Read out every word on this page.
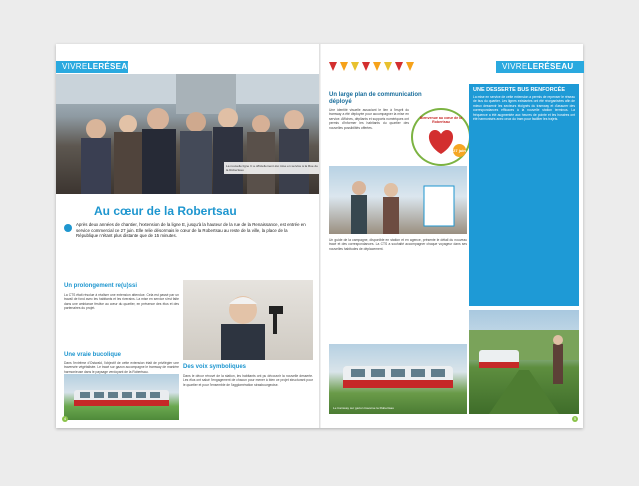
VIVRELERÉSEAU
La nouvelle ligne C a officiellement été mise en service à la Rue de la Robertsau
Au cœur de la Robertsau
Après deux années de chantier, l'extension de la ligne E, jusqu'à la hauteur de la rue de la Renaissance, est entrée en service commercial ce 27 juin. Elle relie désormais le cœur de la Robertsau au reste de la ville, la place de la République n'étant plus distante que de 15 minutes.
Un prolongement re(u)ssi
La CTS était résolue à réaliser une extension attendue. Cela est passé par un travail de fond avec les habitants et les riverains. La mise en service s'est faite dans une ambiance festive au cœur du quartier, en présence des élus et des partenaires du projet.
Une vraie bucolique
Dans l'extrême d'Ostwald, l'objectif de cette extension était de privilégier une traversée végétalisée. Le tracé sur gazon accompagne le tramway de manière harmonieuse dans le paysage verdoyant de la Robertsau.
Des voix symboliques
Dans le décor rénové de la station, les habitants ont pu découvrir la nouvelle desserte. Les élus ont salué l'engagement de chacun pour mener à bien ce projet structurant pour le quartier et pour l'ensemble de l'agglomération strasbourgeoise.
4
VIVRELERÉSEAU
Un large plan de communication déployé
Une identité visuelle associant le lien à l'esprit du tramway a été déployée pour accompagner la mise en service. Affiches, dépliants et supports numériques ont permis d'informer les habitants du quartier des nouvelles possibilités offertes.
Bienvenue au cœur de la Robertsau
27 juin
Un guide de la campagne, disponible en station et en agence, présente le détail du nouveau tracé et des correspondances. La CTS a souhaité accompagner chaque voyageur dans ses nouvelles habitudes de déplacement.
UNE DESSERTE BUS RENFORCÉE
La mise en service de cette extension a permis de repenser le réseau de bus du quartier. Les lignes existantes ont été réorganisées afin de mieux desservir les secteurs éloignés du tramway et d'assurer des correspondances efficaces à la nouvelle station terminus. La fréquence a été augmentée aux heures de pointe et les horaires ont été harmonisés avec ceux du tram pour faciliter les trajets.
Le tramway sur gazon traverse la Robertsau
5
